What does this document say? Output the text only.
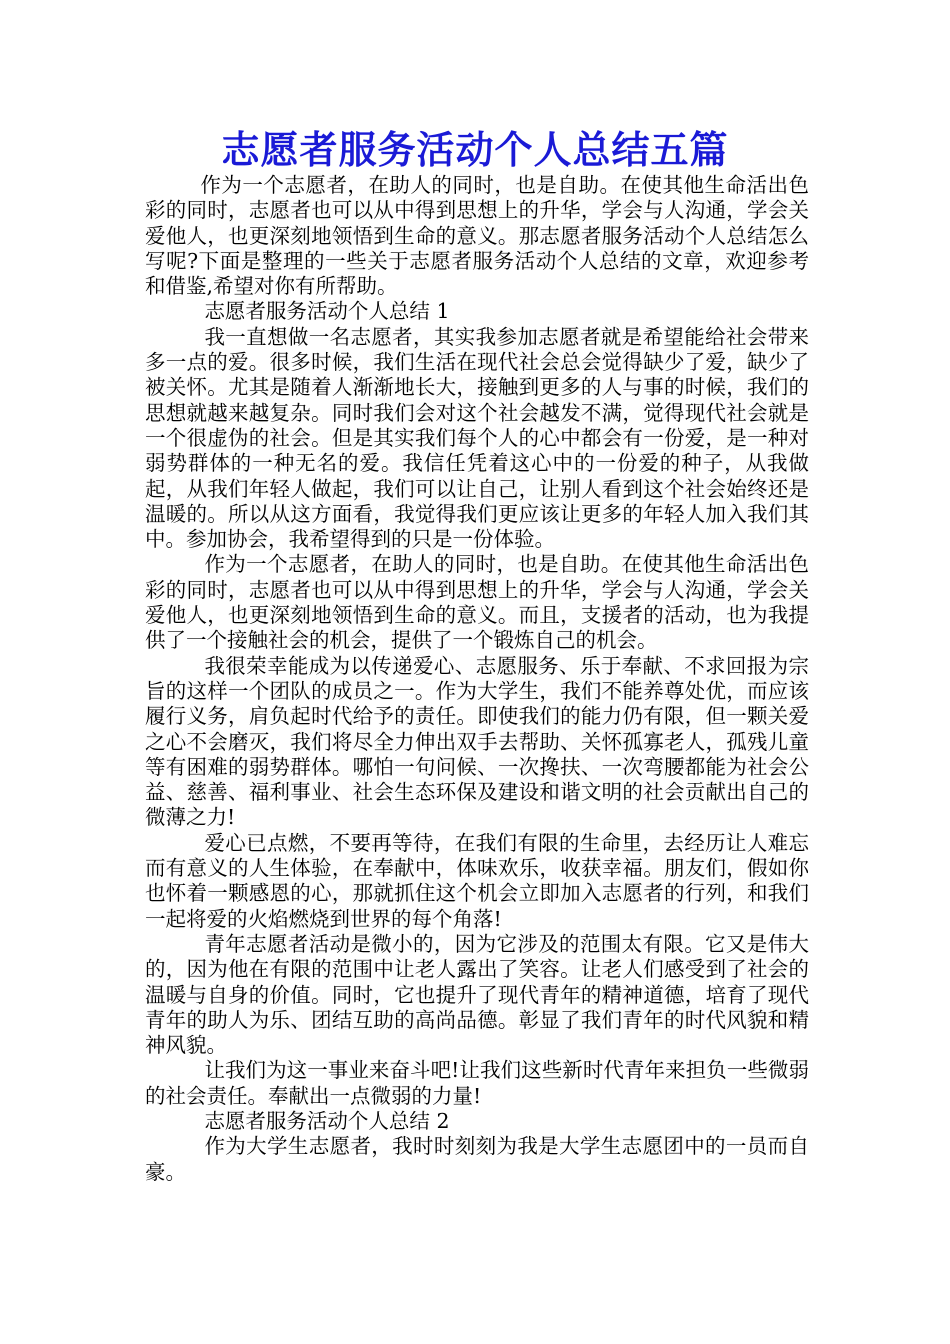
志愿者服务活动个人总结五篇

作为一个志愿者，在助人的同时，也是自助。在使其他生命活出色彩的同时，志愿者也可以从中得到思想上的升华，学会与人沟通，学会关爱他人，也更深刻地领悟到生命的意义。那志愿者服务活动个人总结怎么写呢?下面是整理的一些关于志愿者服务活动个人总结的文章，欢迎参考和借鉴,希望对你有所帮助。

志愿者服务活动个人总结 1

我一直想做一名志愿者，其实我参加志愿者就是希望能给社会带来多一点的爱。很多时候，我们生活在现代社会总会觉得缺少了爱，缺少了被关怀。尤其是随着人渐渐地长大，接触到更多的人与事的时候，我们的思想就越来越复杂。同时我们会对这个社会越发不满，觉得现代社会就是一个很虚伪的社会。但是其实我们每个人的心中都会有一份爱，是一种对弱势群体的一种无名的爱。我信任凭着这心中的一份爱的种子，从我做起，从我们年轻人做起，我们可以让自己，让别人看到这个社会始终还是温暖的。所以从这方面看，我觉得我们更应该让更多的年轻人加入我们其中。参加协会，我希望得到的只是一份体验。

作为一个志愿者，在助人的同时，也是自助。在使其他生命活出色彩的同时，志愿者也可以从中得到思想上的升华，学会与人沟通，学会关爱他人，也更深刻地领悟到生命的意义。而且，支援者的活动，也为我提供了一个接触社会的机会，提供了一个锻炼自己的机会。

我很荣幸能成为以传递爱心、志愿服务、乐于奉献、不求回报为宗旨的这样一个团队的成员之一。作为大学生，我们不能养尊处优，而应该履行义务，肩负起时代给予的责任。即使我们的能力仍有限，但一颗关爱之心不会磨灭，我们将尽全力伸出双手去帮助、关怀孤寡老人，孤残儿童等有困难的弱势群体。哪怕一句问候、一次搀扶、一次弯腰都能为社会公益、慈善、福利事业、社会生态环保及建设和谐文明的社会贡献出自己的微薄之力!

爱心已点燃，不要再等待，在我们有限的生命里，去经历让人难忘而有意义的人生体验，在奉献中，体味欢乐，收获幸福。朋友们，假如你也怀着一颗感恩的心，那就抓住这个机会立即加入志愿者的行列，和我们一起将爱的火焰燃烧到世界的每个角落!

青年志愿者活动是微小的，因为它涉及的范围太有限。它又是伟大的，因为他在有限的范围中让老人露出了笑容。让老人们感受到了社会的温暖与自身的价值。同时，它也提升了现代青年的精神道德，培育了现代青年的助人为乐、团结互助的高尚品德。彰显了我们青年的时代风貌和精神风貌。

让我们为这一事业来奋斗吧!让我们这些新时代青年来担负一些微弱的社会责任。奉献出一点微弱的力量!

志愿者服务活动个人总结 2

作为大学生志愿者，我时时刻刻为我是大学生志愿团中的一员而自豪。
